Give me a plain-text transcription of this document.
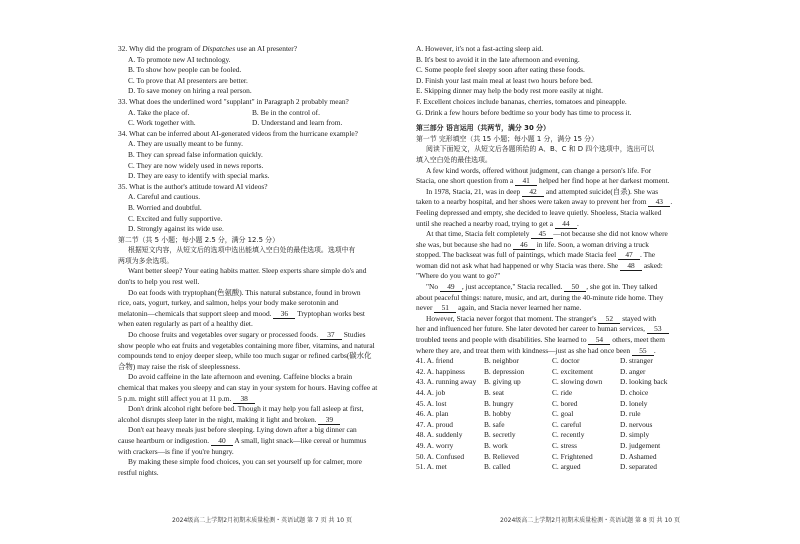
32. Why did the program of Dispatches use an AI presenter?
A. To promote new AI technology.
B. To show how people can be fooled.
C. To prove that AI presenters are better.
D. To save money on hiring a real person.
33. What does the underlined word "supplant" in Paragraph 2 probably mean?
A. Take the place of.	B. Be in the control of.
C. Work together with.	D. Understand and learn from.
34. What can be inferred about AI-generated videos from the hurricane example?
A. They are usually meant to be funny.
B. They can spread false information quickly.
C. They are now widely used in news reports.
D. They are easy to identify with special marks.
35. What is the author's attitude toward AI videos?
A. Careful and cautious.
B. Worried and doubtful.
C. Excited and fully supportive.
D. Strongly against its wide use.
第二节（共 5 小题；每小题 2.5 分，满分 12.5 分）
根据短文内容，从短文后的选项中选出能填入空白处的最佳选项。选项中有
两项为多余选项。
Want better sleep? Your eating habits matter. Sleep experts share simple do's and
don'ts to help you rest well.
Do eat foods with tryptophan(色氨酸). This natural substance, found in brown
rice, oats, yogurt, turkey, and salmon, helps your body make serotonin and
melatonin—chemicals that support sleep and mood. 36 Tryptophan works best
when eaten regularly as part of a healthy diet.
Do choose fruits and vegetables over sugary or processed foods. 37 Studies
show people who eat fruits and vegetables containing more fiber, vitamins, and natural
compounds tend to enjoy deeper sleep, while too much sugar or refined carbs(碳水化
合物) may raise the risk of sleeplessness.
Do avoid caffeine in the late afternoon and evening. Caffeine blocks a brain
chemical that makes you sleepy and can stay in your system for hours. Having coffee at
5 p.m. might still affect you at 11 p.m. 38
Don't drink alcohol right before bed. Though it may help you fall asleep at first,
alcohol disrupts sleep later in the night, making it light and broken. 39
Don't eat heavy meals just before sleeping. Lying down after a big dinner can
cause heartburn or indigestion. 40 A small, light snack—like cereal or hummus
with crackers—is fine if you're hungry.
By making these simple food choices, you can set yourself up for calmer, more
restful nights.
2024级高二上学期2月初期末质量检测・英语试题 第 7 页 共 10 页
A. However, it's not a fast-acting sleep aid.
B. It's best to avoid it in the late afternoon and evening.
C. Some people feel sleepy soon after eating these foods.
D. Finish your last main meal at least two hours before bed.
E. Skipping dinner may help the body rest more easily at night.
F. Excellent choices include bananas, cherries, tomatoes and pineapple.
G. Drink a few hours before bedtime so your body has time to process it.
第三部分 语言运用（共两节，满分 30 分）
第一节 完形填空（共 15 小题；每小题 1 分，满分 15 分）
阅读下面短文，从短文后各题所给的 A、B、C 和 D 四个选项中，选出可以
填入空白处的最佳选项。
A few kind words, offered without judgment, can change a person's life. For
Stacia, one short question from a 41 helped her find hope at her darkest moment.
In 1978, Stacia, 21, was in deep 42 and attempted suicide(自杀). She was
taken to a nearby hospital, and her shoes were taken away to prevent her from 43 .
Feeling depressed and empty, she decided to leave quietly. Shoeless, Stacia walked
until she reached a nearby road, trying to get a 44 .
At that time, Stacia felt completely 45 —not because she did not know where
she was, but because she had no 46 in life. Soon, a woman driving a truck
stopped. The backseat was full of paintings, which made Stacia feel 47 . The
woman did not ask what had happened or why Stacia was there. She 48 asked:
"Where do you want to go?"
"No 49 , just acceptance," Stacia recalled. 50 , she got in. They talked
about peaceful things: nature, music, and art, during the 40-minute ride home. They
never 51 again, and Stacia never learned her name.
However, Stacia never forgot that moment. The stranger's 52 stayed with
her and influenced her future. She later devoted her career to human services, 53
troubled teens and people with disabilities. She learned to 54 others, meet them
where they are, and treat them with kindness—just as she had once been 55 .
41. A. friend	B. neighbor	C. doctor	D. stranger
42. A. happiness	B. depression	C. excitement	D. anger
43. A. running away	B. giving up	C. slowing down	D. looking back
44. A. job	B. seat	C. ride	D. choice
45. A. lost	B. hungry	C. bored	D. lonely
46. A. plan	B. hobby	C. goal	D. rule
47. A. proud	B. safe	C. careful	D. nervous
48. A. suddenly	B. secretly	C. recently	D. simply
49. A. worry	B. work	C. stress	D. judgement
50. A. Confused	B. Relieved	C. Frightened	D. Ashamed
51. A. met	B. called	C. argued	D. separated
2024级高二上学期2月初期末质量检测・英语试题 第 8 页 共 10 页
